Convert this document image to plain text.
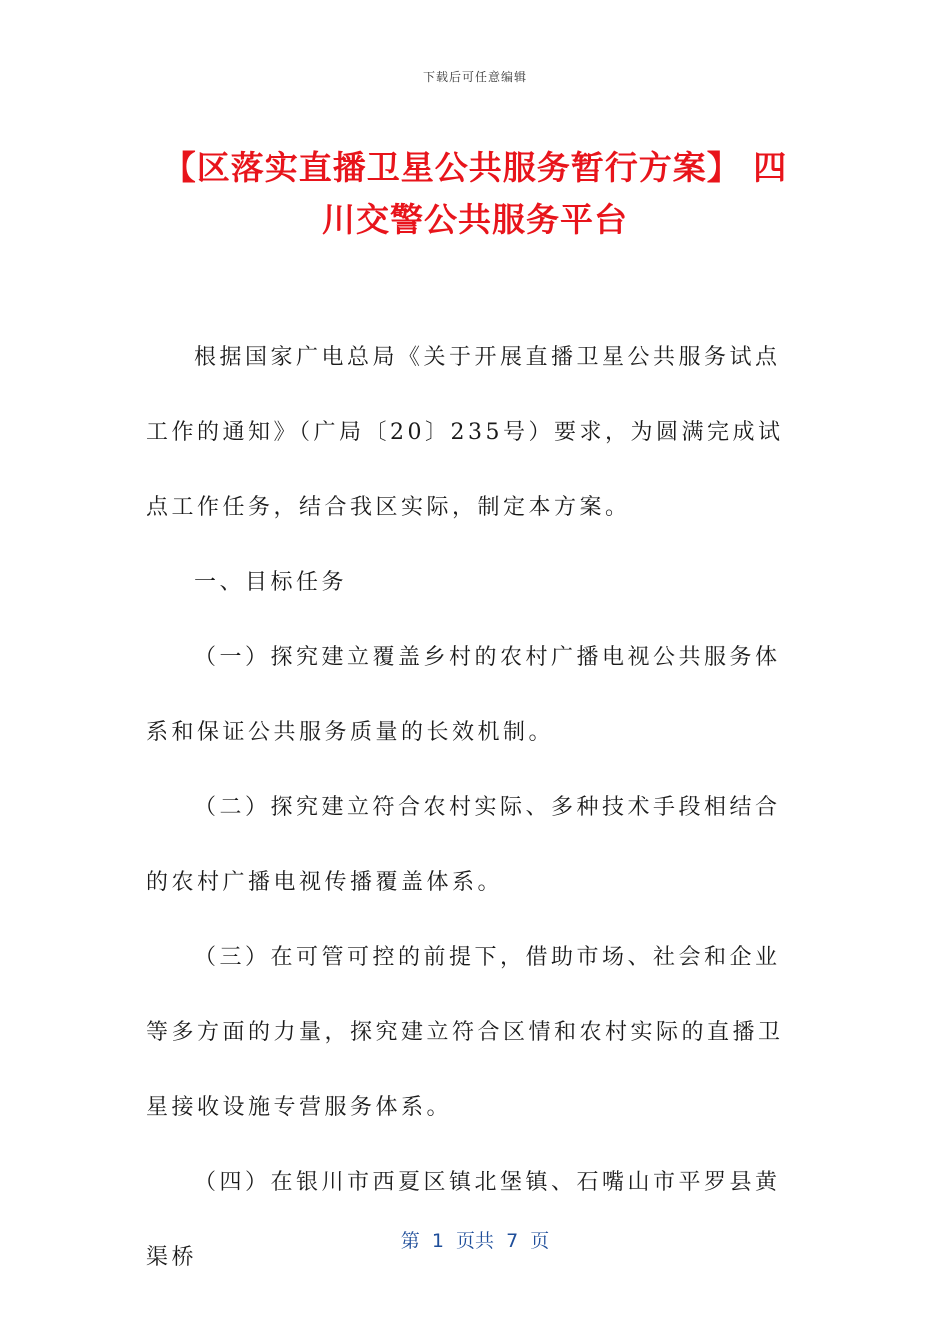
下载后可任意编辑
【区落实直播卫星公共服务暂行方案】 四川交警公共服务平台

根据国家广电总局《关于开展直播卫星公共服务试点工作的通知》（广局〔20〕235号）要求，为圆满完成试点工作任务，结合我区实际，制定本方案。

一、目标任务

（一）探究建立覆盖乡村的农村广播电视公共服务体系和保证公共服务质量的长效机制。

（二）探究建立符合农村实际、多种技术手段相结合的农村广播电视传播覆盖体系。

（三）在可管可控的前提下，借助市场、社会和企业等多方面的力量，探究建立符合区情和农村实际的直播卫星接收设施专营服务体系。

（四）在银川市西夏区镇北堡镇、石嘴山市平罗县黄渠桥

第  1  页共  7  页
